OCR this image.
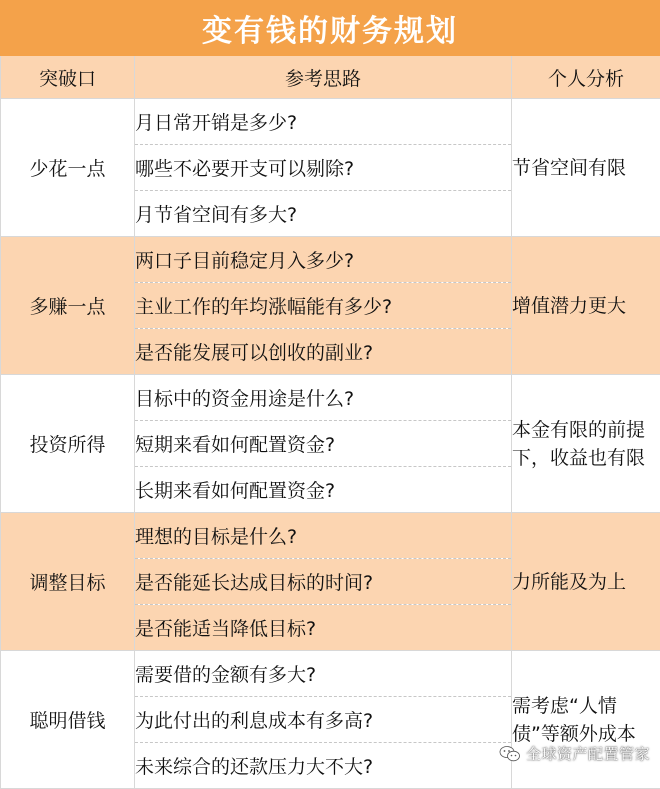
变有钱的财务规划
突破口	参考思路	个人分析
少花一点	月日常开销是多少?	节省空间有限
	哪些不必要开支可以剔除?	
	月节省空间有多大?	
多赚一点	两口子目前稳定月入多少?	增值潜力更大
	主业工作的年均涨幅能有多少?	
	是否能发展可以创收的副业?	
投资所得	目标中的资金用途是什么?	本金有限的前提下，收益也有限
	短期来看如何配置资金?	
	长期来看如何配置资金?	
调整目标	理想的目标是什么?	力所能及为上
	是否能延长达成目标的时间?	
	是否能适当降低目标?	
聪明借钱	需要借的金额有多大?	需考虑“人情债”等额外成本
	为此付出的利息成本有多高?	
	未来综合的还款压力大不大?	
全球资产配置管家
